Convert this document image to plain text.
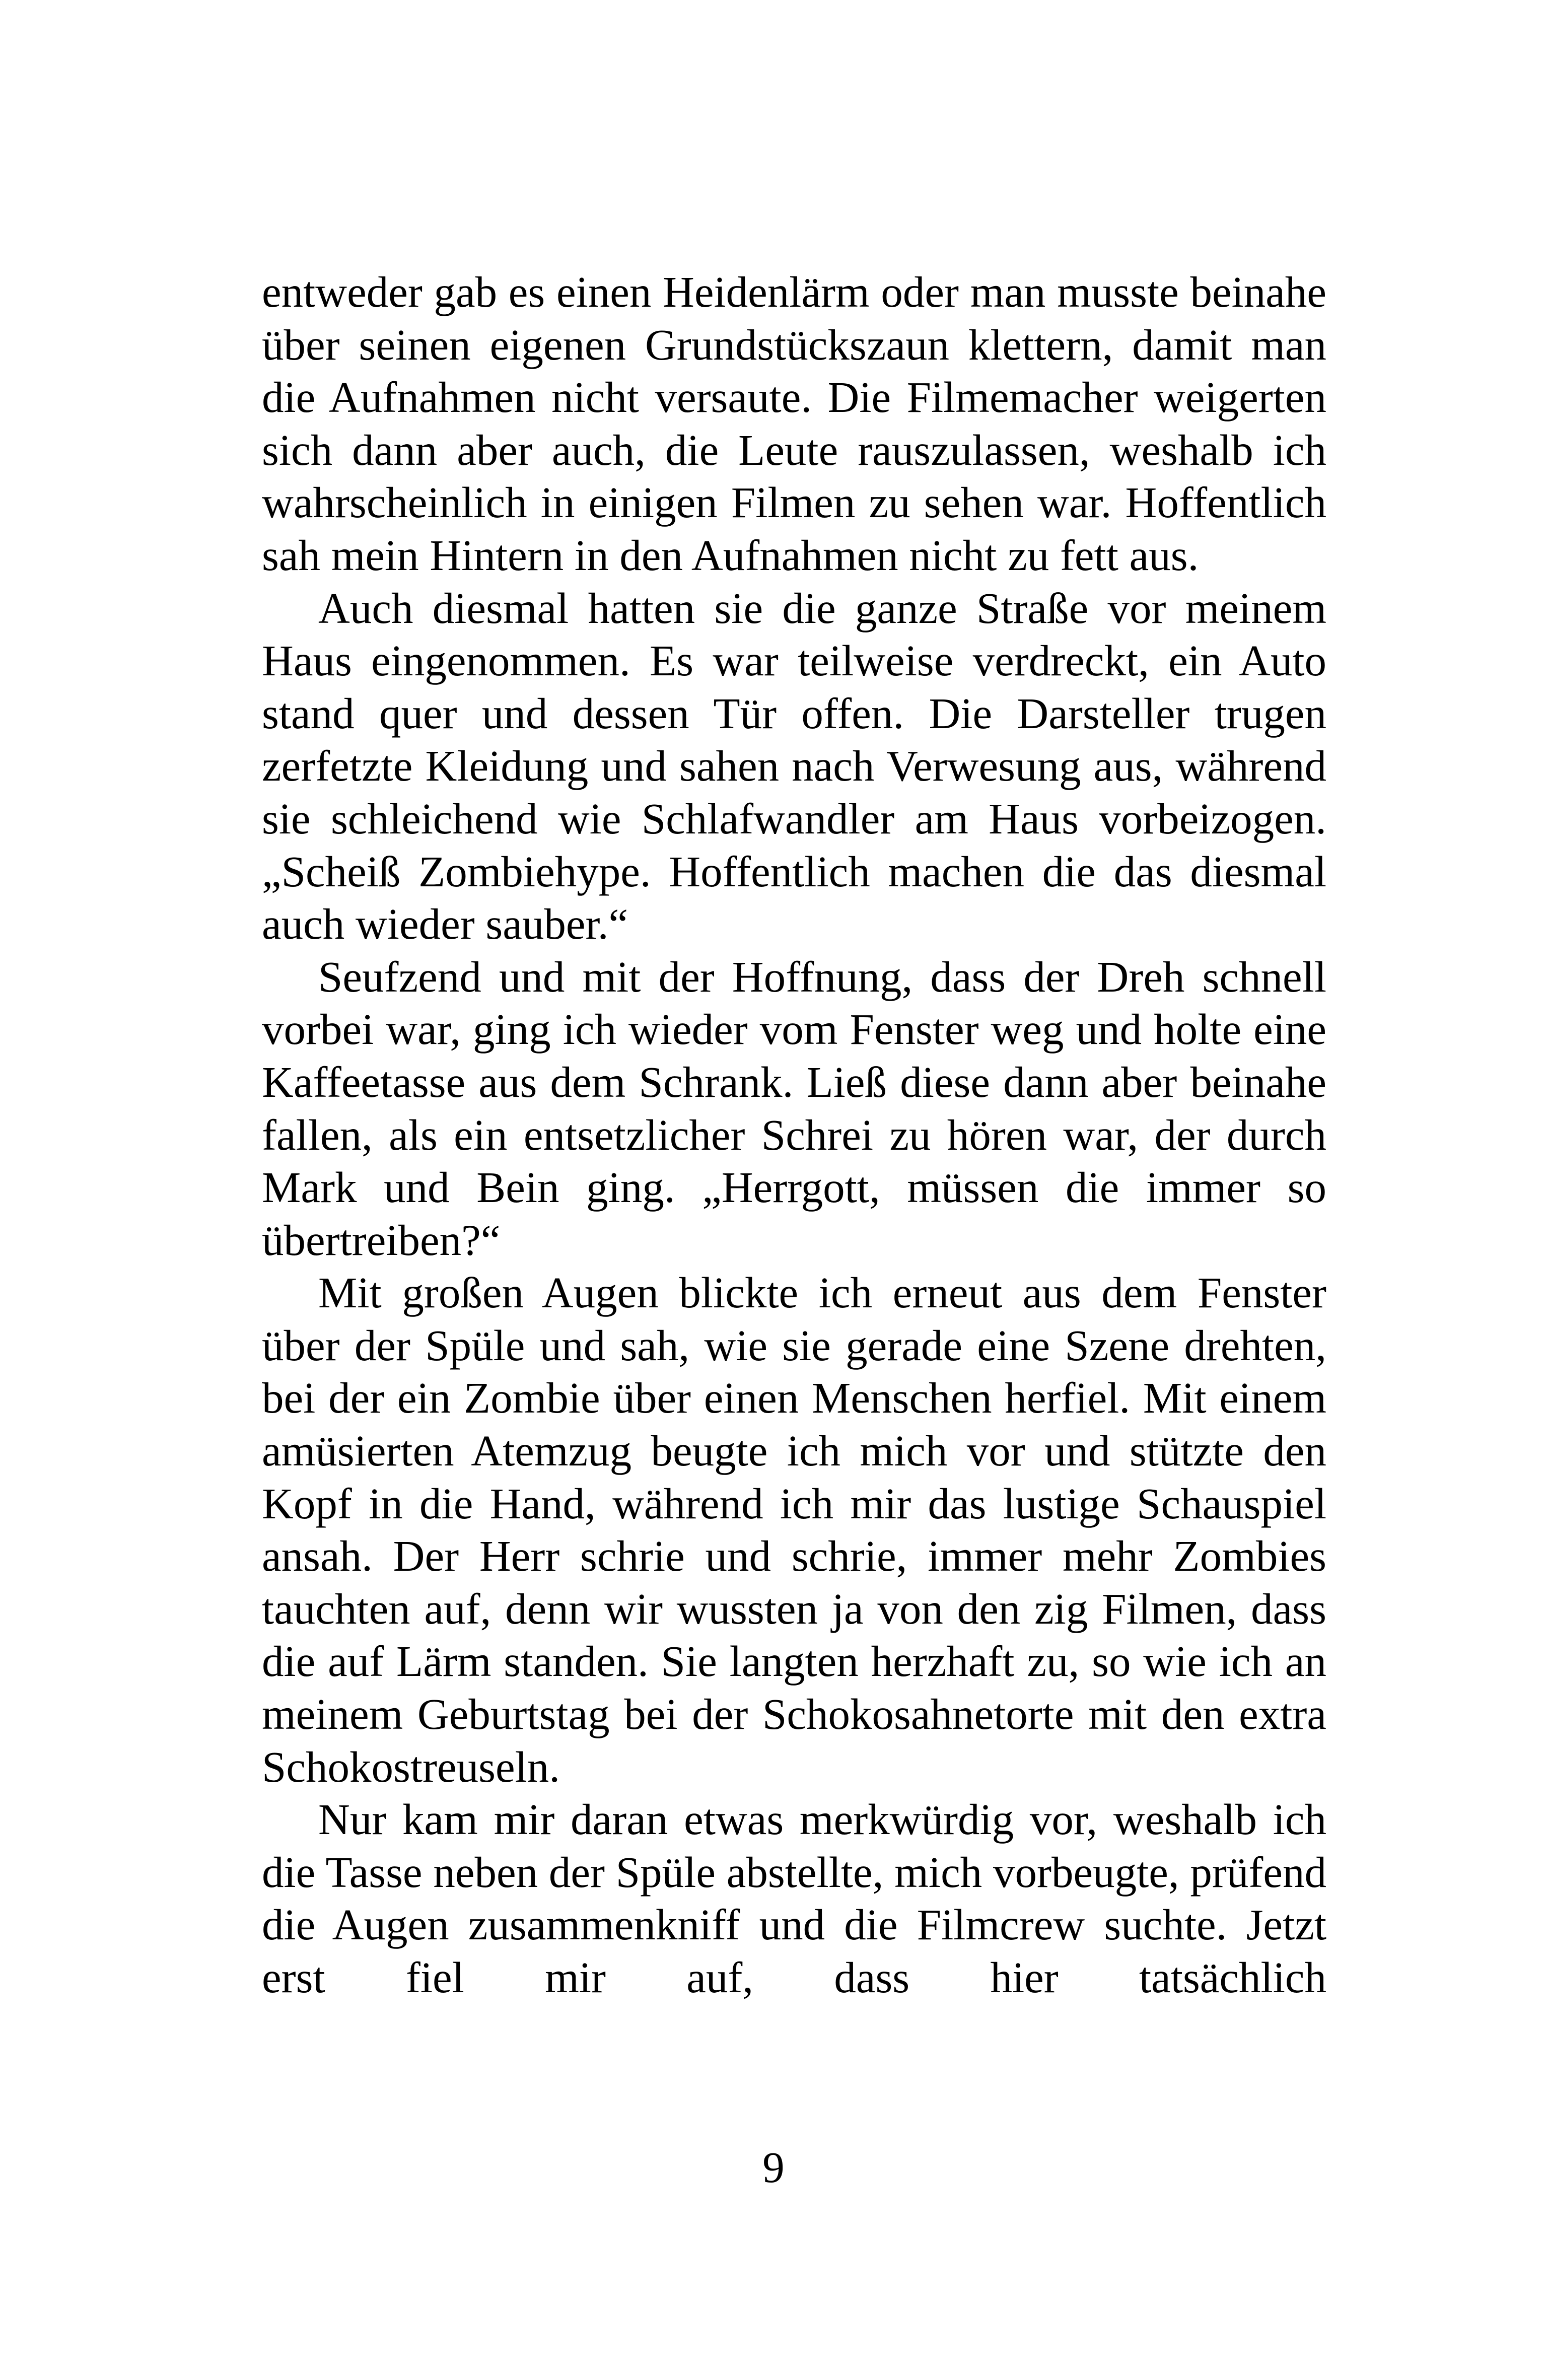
entweder gab es einen Heidenlärm oder man musste beinahe über seinen eigenen Grundstückszaun klettern, damit man die Aufnahmen nicht versaute. Die Filmemacher weigerten sich dann aber auch, die Leute rauszulassen, weshalb ich wahrscheinlich in einigen Filmen zu sehen war. Hoffentlich sah mein Hintern in den Aufnahmen nicht zu fett aus.

Auch diesmal hatten sie die ganze Straße vor meinem Haus eingenommen. Es war teilweise verdreckt, ein Auto stand quer und dessen Tür offen. Die Darsteller trugen zerfetzte Kleidung und sahen nach Verwesung aus, während sie schleichend wie Schlafwandler am Haus vorbeizogen. „Scheiß Zombiehype. Hoffentlich machen die das diesmal auch wieder sauber.“

Seufzend und mit der Hoffnung, dass der Dreh schnell vorbei war, ging ich wieder vom Fenster weg und holte eine Kaffeetasse aus dem Schrank. Ließ diese dann aber beinahe fallen, als ein entsetzlicher Schrei zu hören war, der durch Mark und Bein ging. „Herrgott, müssen die immer so übertreiben?“

Mit großen Augen blickte ich erneut aus dem Fenster über der Spüle und sah, wie sie gerade eine Szene drehten, bei der ein Zombie über einen Menschen herfiel. Mit einem amüsierten Atemzug beugte ich mich vor und stützte den Kopf in die Hand, während ich mir das lustige Schauspiel ansah. Der Herr schrie und schrie, immer mehr Zombies tauchten auf, denn wir wussten ja von den zig Filmen, dass die auf Lärm standen. Sie langten herzhaft zu, so wie ich an meinem Geburtstag bei der Schokosahnetorte mit den extra Schokostreuseln.

Nur kam mir daran etwas merkwürdig vor, weshalb ich die Tasse neben der Spüle abstellte, mich vorbeugte, prüfend die Augen zusammenkniff und die Filmcrew suchte. Jetzt erst fiel mir auf, dass hier tatsächlich

9
